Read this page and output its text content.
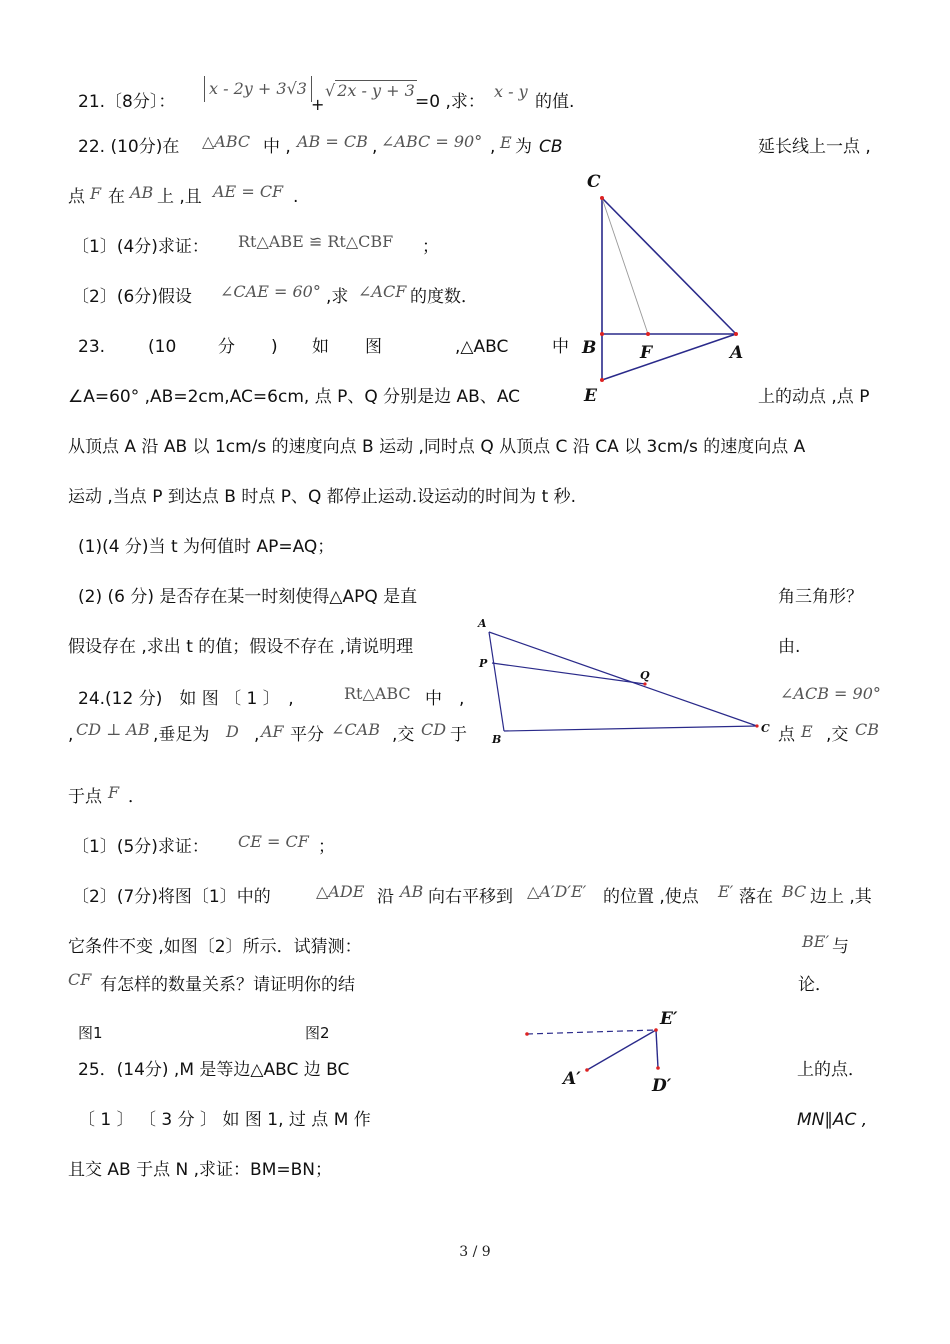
21.〔8分〕：
x - 2y + 3√3
+
√ 2x - y + 3
=0 ,求：
x - y
的值.
22. (10分)在 △ABC 中 , AB = CB , ∠ABC = 90° , E 为 CB	延长线上一点 ,
点 F 在 AB 上 ,且 AE = CF .
〔1〕(4分)求证： Rt△ABE ≌ Rt△CBF ；
〔2〕(6分)假设 ∠CAE = 60° ,求 ∠ACF 的度数．
C
B	F	A
E
23.	(10 分 ) 如 图	,△ABC	中
∠A=60° ,AB=2cm,AC=6cm, 点 P、Q 分别是边 AB、AC	上的动点 ,点 P
从顶点 A 沿 AB 以 1cm/s 的速度向点 B 运动 ,同时点 Q 从顶点 C 沿 CA 以 3cm/s 的速度向点 A
运动 ,当点 P 到达点 B 时点 P、Q 都停止运动.设运动的时间为 t 秒.
(1)(4 分)当 t 为何值时 AP=AQ；
(2) (6 分) 是否存在某一时刻使得△APQ 是直	角三角形？
假设存在 ,求出 t 的值；假设不存在 ,请说明理	由.
A
P
Q
B
C
24.(12 分)　如 图 〔 1 〕　,	Rt△ABC 中　,	∠ACB = 90°
, CD ⊥ AB ,垂足为 D , AF 平分 ∠CAB ,交 CD 于	点 E ,交 CB
于点 F ．
〔1〕(5分)求证： CE = CF ；
〔2〕(7分)将图〔1〕中的	△ADE 沿 AB 向右平移到 △A′D′E′ 的位置 ,使点 E′ 落在 BC 边上 ,其
它条件不变 ,如图〔2〕所示．试猜测：	BE′ 与
CF 有怎样的数量关系？请证明你的结	论．
图1	图2
E′
A′	D′
25．(14分) ,M 是等边△ABC 边 BC	上的点．
〔 1 〕 〔 3 分 〕 如 图 1, 过 点 M 作	MN∥AC ,
且交 AB 于点 N ,求证：BM=BN；
3 / 9
